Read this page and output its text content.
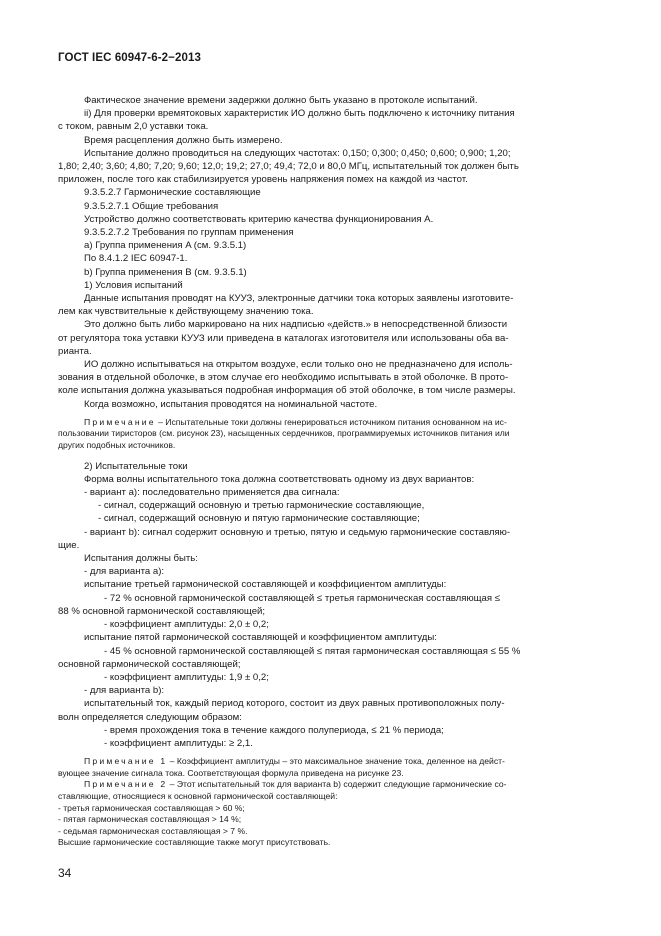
ГОСТ IEC 60947-6-2−2013

Фактическое значение времени задержки должно быть указано в протоколе испытаний.

ii) Для проверки времятоковых характеристик ИО должно быть подключено к источнику питания

с током, равным 2,0 уставки тока.

Время расцепления должно быть измерено.

Испытание должно проводиться на следующих частотах: 0,150; 0,300; 0,450; 0,600; 0,900; 1,20;

1,80; 2,40; 3,60; 4,80; 7,20; 9,60; 12,0; 19,2; 27,0; 49,4; 72,0 и 80,0 МГц, испытательный ток должен быть

приложен, после того как стабилизируется уровень напряжения помех на каждой из частот.

9.3.5.2.7 Гармонические составляющие

9.3.5.2.7.1 Общие требования

Устройство должно соответствовать критерию качества функционирования А.

9.3.5.2.7.2 Требования по группам применения

a) Группа применения A (см. 9.3.5.1)

По 8.4.1.2 IEC 60947-1.

b) Группа применения B (см. 9.3.5.1)

1) Условия испытаний

Данные испытания проводят на КУУЗ, электронные датчики тока которых заявлены изготовите-

лем как чувствительные к действующему значению тока.

Это должно быть либо маркировано на них надписью «действ.» в непосредственной близости

от регулятора тока уставки КУУЗ или приведена в каталогах изготовителя или использованы оба ва-

рианта.

ИО должно испытываться на открытом воздухе, если только оно не предназначено для исполь-

зования в отдельной оболочке, в этом случае его необходимо испытывать в этой оболочке. В прото-

коле испытания должна указываться подробная информация об этой оболочке, в том числе размеры.

Когда возможно, испытания проводятся на номинальной частоте.

Примечание – Испытательные токи должны генерироваться источником питания основанном на ис-

пользовании тиристоров (см. рисунок 23), насыщенных сердечников, программируемых источников питания или

других подобных источников.

2) Испытательные токи

Форма волны испытательного тока должна соответствовать одному из двух вариантов:

- вариант a): последовательно применяется два сигнала:

- сигнал, содержащий основную и третью гармонические составляющие,

- сигнал, содержащий основную и пятую гармонические составляющие;

- вариант b): сигнал содержит основную и третью, пятую и седьмую гармонические составляю-

щие.

Испытания должны быть:

- для варианта a):

испытание третьей гармонической составляющей и коэффициентом амплитуды:

- 72 % основной гармонической составляющей ≤ третья гармоническая составляющая ≤

88 % основной гармонической составляющей;

- коэффициент амплитуды: 2,0 ± 0,2;

испытание пятой гармонической составляющей и коэффициентом амплитуды:

- 45 % основной гармонической составляющей ≤ пятая гармоническая составляющая ≤ 55 %

основной гармонической составляющей;

- коэффициент амплитуды: 1,9 ± 0,2;

- для варианта b):

испытательный ток, каждый период которого, состоит из двух равных противоположных полу-

волн определяется следующим образом:

- время прохождения тока в течение каждого полупериода, ≤ 21 % периода;

- коэффициент амплитуды: ≥ 2,1.

Примечание 1 – Коэффициент амплитуды – это максимальное значение тока, деленное на дейст-

вующее значение сигнала тока. Соответствующая формула приведена на рисунке 23.

Примечание 2 – Этот испытательный ток для варианта b) содержит следующие гармонические со-

ставляющие, относящиеся к основной гармонической составляющей:

- третья гармоническая составляющая > 60 %;

- пятая гармоническая составляющая > 14 %;

- седьмая гармоническая составляющая > 7 %.

Высшие гармонические составляющие также могут присутствовать.

34
